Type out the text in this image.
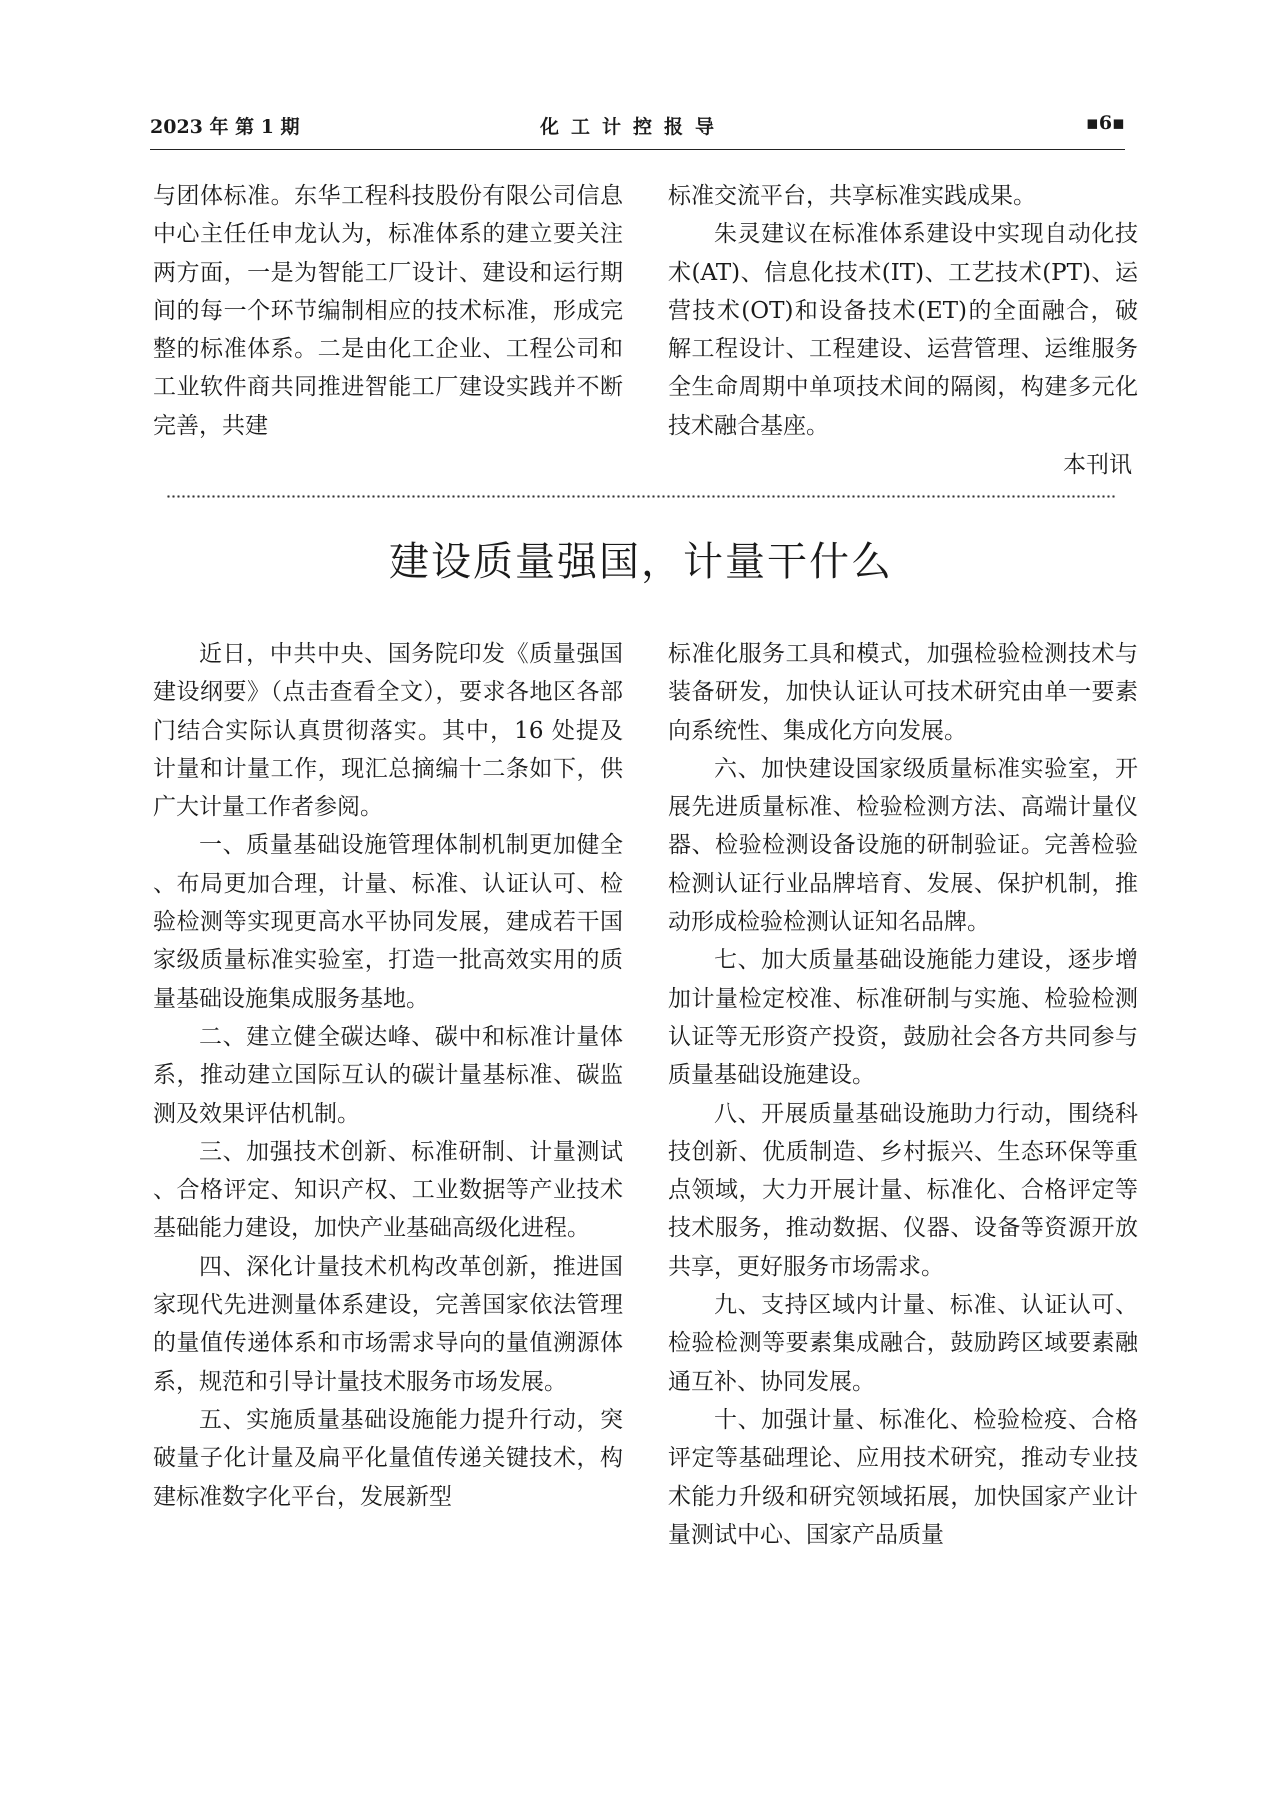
2023 年 第 1 期	化工计控报导	▪6▪

与团体标准。东华工程科技股份有限公司信息中心主任任申龙认为，标准体系的建立要关注两方面，一是为智能工厂设计、建设和运行期间的每一个环节编制相应的技术标准，形成完整的标准体系。二是由化工企业、工程公司和工业软件商共同推进智能工厂建设实践并不断完善，共建

标准交流平台，共享标准实践成果。

朱灵建议在标准体系建设中实现自动化技术(AT)、信息化技术(IT)、工艺技术(PT)、运营技术(OT)和设备技术(ET)的全面融合，破解工程设计、工程建设、运营管理、运维服务全生命周期中单项技术间的隔阂，构建多元化技术融合基座。

本刊讯
建设质量强国，计量干什么

近日，中共中央、国务院印发《质量强国建设纲要》（点击查看全文），要求各地区各部门结合实际认真贯彻落实。其中，16 处提及计量和计量工作，现汇总摘编十二条如下，供广大计量工作者参阅。

一、质量基础设施管理体制机制更加健全、布局更加合理，计量、标准、认证认可、检验检测等实现更高水平协同发展，建成若干国家级质量标准实验室，打造一批高效实用的质量基础设施集成服务基地。

二、建立健全碳达峰、碳中和标准计量体系，推动建立国际互认的碳计量基标准、碳监测及效果评估机制。

三、加强技术创新、标准研制、计量测试、合格评定、知识产权、工业数据等产业技术基础能力建设，加快产业基础高级化进程。

四、深化计量技术机构改革创新，推进国家现代先进测量体系建设，完善国家依法管理的量值传递体系和市场需求导向的量值溯源体系，规范和引导计量技术服务市场发展。

五、实施质量基础设施能力提升行动，突破量子化计量及扁平化量值传递关键技术，构建标准数字化平台，发展新型

标准化服务工具和模式，加强检验检测技术与装备研发，加快认证认可技术研究由单一要素向系统性、集成化方向发展。

六、加快建设国家级质量标准实验室，开展先进质量标准、检验检测方法、高端计量仪器、检验检测设备设施的研制验证。完善检验检测认证行业品牌培育、发展、保护机制，推动形成检验检测认证知名品牌。

七、加大质量基础设施能力建设，逐步增加计量检定校准、标准研制与实施、检验检测认证等无形资产投资，鼓励社会各方共同参与质量基础设施建设。

八、开展质量基础设施助力行动，围绕科技创新、优质制造、乡村振兴、生态环保等重点领域，大力开展计量、标准化、合格评定等技术服务，推动数据、仪器、设备等资源开放共享，更好服务市场需求。

九、支持区域内计量、标准、认证认可、检验检测等要素集成融合，鼓励跨区域要素融通互补、协同发展。

十、加强计量、标准化、检验检疫、合格评定等基础理论、应用技术研究，推动专业技术能力升级和研究领域拓展，加快国家产业计量测试中心、国家产品质量
